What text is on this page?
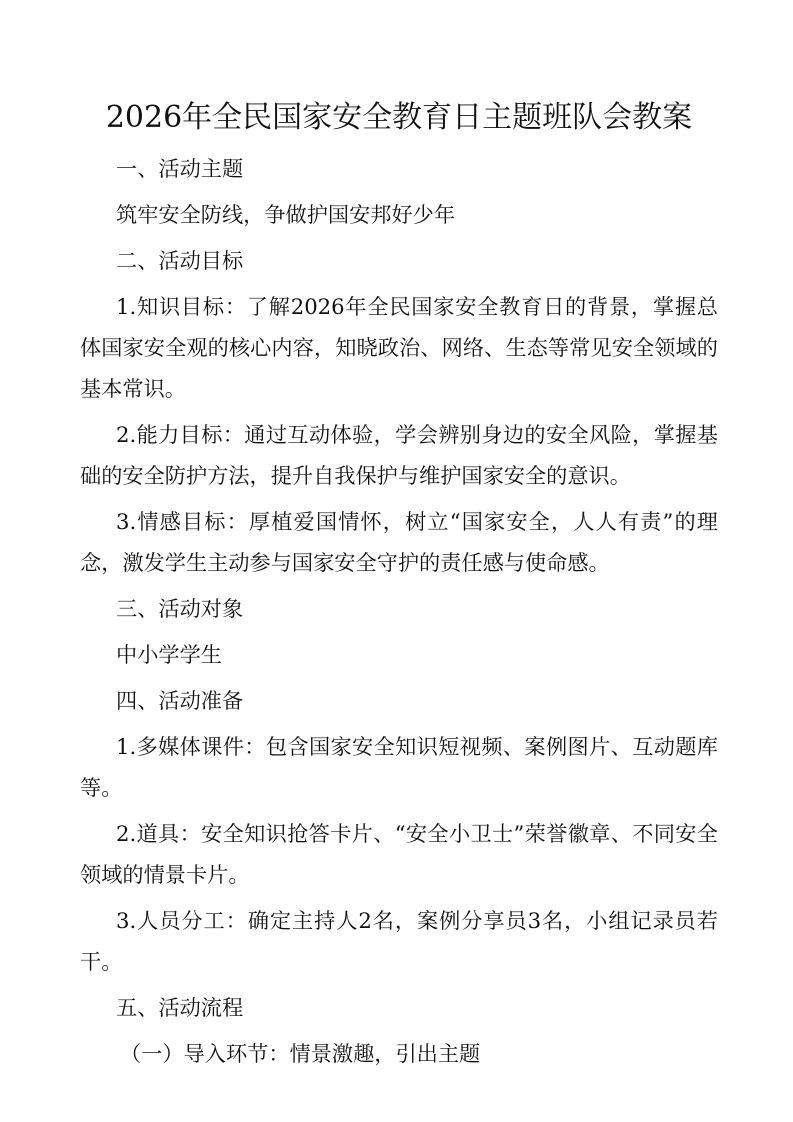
2026年全民国家安全教育日主题班队会教案

一、活动主题

筑牢安全防线，争做护国安邦好少年

二、活动目标

1.知识目标：了解2026年全民国家安全教育日的背景，掌握总体国家安全观的核心内容，知晓政治、网络、生态等常见安全领域的基本常识。

2.能力目标：通过互动体验，学会辨别身边的安全风险，掌握基础的安全防护方法，提升自我保护与维护国家安全的意识。

3.情感目标：厚植爱国情怀，树立“国家安全，人人有责”的理念，激发学生主动参与国家安全守护的责任感与使命感。

三、活动对象

中小学学生

四、活动准备

1.多媒体课件：包含国家安全知识短视频、案例图片、互动题库等。

2.道具：安全知识抢答卡片、“安全小卫士”荣誉徽章、不同安全领域的情景卡片。

3.人员分工：确定主持人2名，案例分享员3名，小组记录员若干。

五、活动流程

（一）导入环节：情景激趣，引出主题
